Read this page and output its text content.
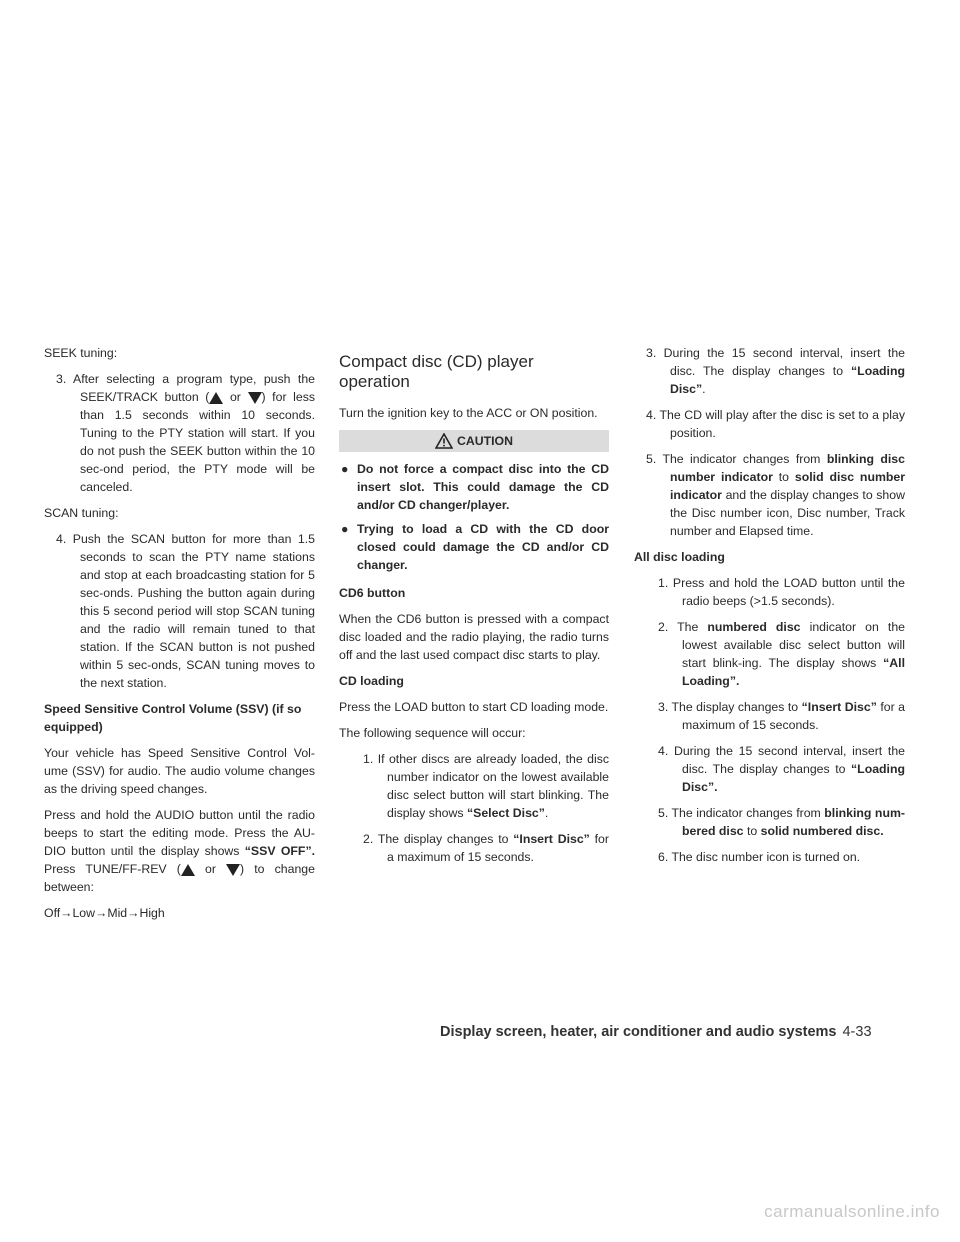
SEEK tuning:

3. After selecting a program type, push the SEEK/TRACK button ( or ) for less than 1.5 seconds within 10 seconds. Tuning to the PTY station will start. If you do not push the SEEK button within the 10 sec-ond period, the PTY mode will be canceled.

SCAN tuning:

4. Push the SCAN button for more than 1.5 seconds to scan the PTY name stations and stop at each broadcasting station for 5 sec-onds. Pushing the button again during this 5 second period will stop SCAN tuning and the radio will remain tuned to that station. If the SCAN button is not pushed within 5 sec-onds, SCAN tuning moves to the next station.

Speed Sensitive Control Volume (SSV) (if so equipped)

Your vehicle has Speed Sensitive Control Vol-ume (SSV) for audio. The audio volume changes as the driving speed changes.

Press and hold the AUDIO button until the radio beeps to start the editing mode. Press the AU-DIO button until the display shows “SSV OFF”. Press TUNE/FF-REV ( or ) to change between:

Off→Low→Mid→High

Compact disc (CD) player operation

Turn the ignition key to the ACC or ON position.

CAUTION
● Do not force a compact disc into the CD insert slot. This could damage the CD and/or CD changer/player.
● Trying to load a CD with the CD door closed could damage the CD and/or CD changer.

CD6 button

When the CD6 button is pressed with a compact disc loaded and the radio playing, the radio turns off and the last used compact disc starts to play.

CD loading

Press the LOAD button to start CD loading mode.

The following sequence will occur:

1. If other discs are already loaded, the disc number indicator on the lowest available disc select button will start blinking. The display shows “Select Disc”.

2. The display changes to “Insert Disc” for a maximum of 15 seconds.

3. During the 15 second interval, insert the disc. The display changes to “Loading Disc”.

4. The CD will play after the disc is set to a play position.

5. The indicator changes from blinking disc number indicator to solid disc number indicator and the display changes to show the Disc number icon, Disc number, Track number and Elapsed time.

All disc loading

1. Press and hold the LOAD button until the radio beeps (>1.5 seconds).

2. The numbered disc indicator on the lowest available disc select button will start blink-ing. The display shows “All Loading”.

3. The display changes to “Insert Disc” for a maximum of 15 seconds.

4. During the 15 second interval, insert the disc. The display changes to “Loading Disc”.

5. The indicator changes from blinking num-bered disc to solid numbered disc.

6. The disc number icon is turned on.

Display screen, heater, air conditioner and audio systems 4-33
carmanualsonline.info
